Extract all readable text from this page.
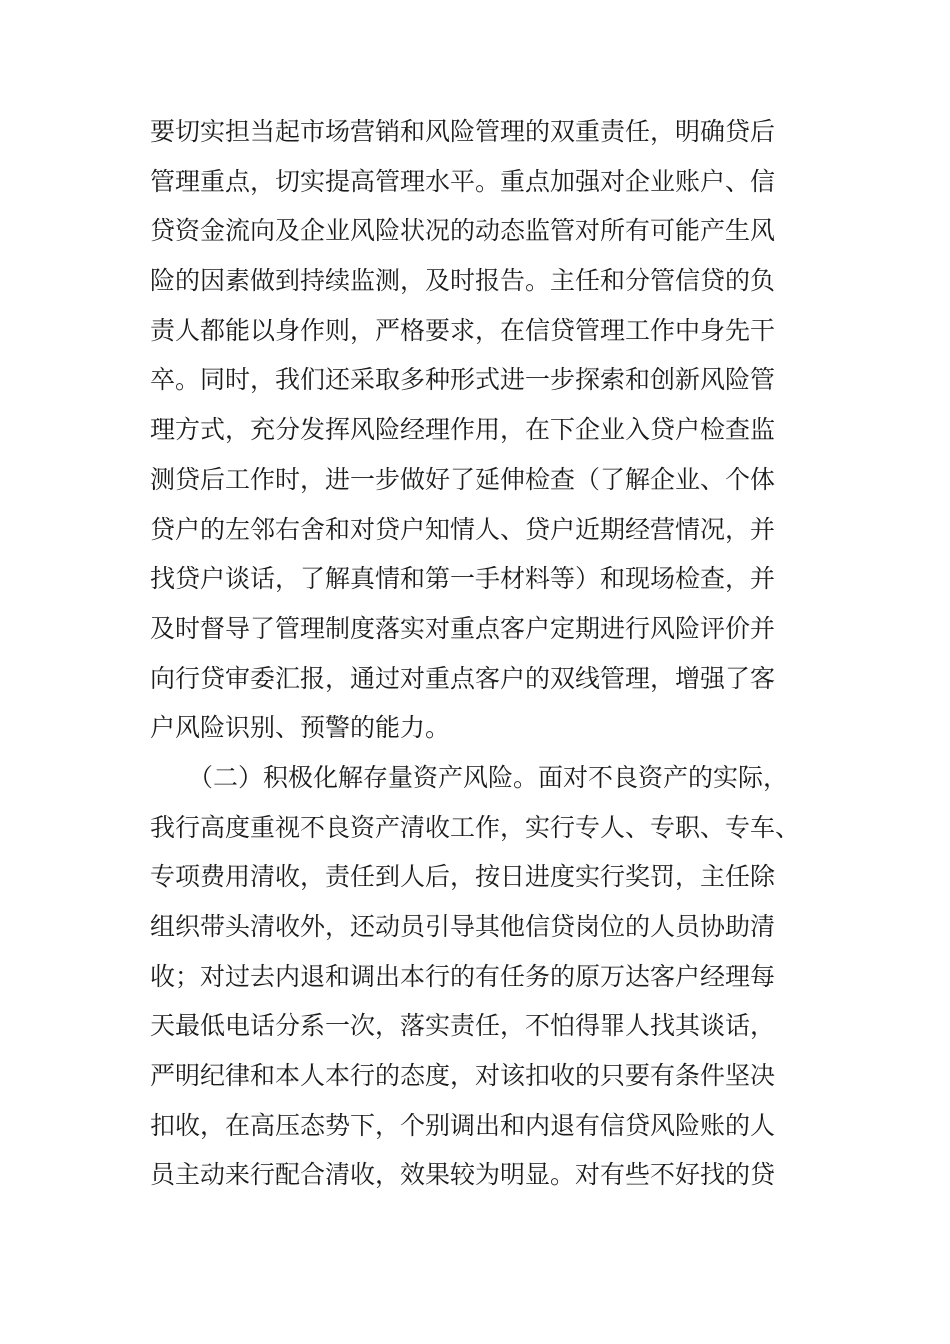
要切实担当起市场营销和风险管理的双重责任，明确贷后
管理重点，切实提高管理水平。重点加强对企业账户、信
贷资金流向及企业风险状况的动态监管对所有可能产生风
险的因素做到持续监测，及时报告。主任和分管信贷的负
责人都能以身作则，严格要求，在信贷管理工作中身先干
卒。同时，我们还采取多种形式进一步探索和创新风险管
理方式，充分发挥风险经理作用，在下企业入贷户检查监
测贷后工作时，进一步做好了延伸检查（了解企业、个体
贷户的左邻右舍和对贷户知情人、贷户近期经营情况，并
找贷户谈话，了解真情和第一手材料等）和现场检查，并
及时督导了管理制度落实对重点客户定期进行风险评价并
向行贷审委汇报，通过对重点客户的双线管理，增强了客
户风险识别、预警的能力。
（二）积极化解存量资产风险。面对不良资产的实际，
我行高度重视不良资产清收工作，实行专人、专职、专车、
专项费用清收，责任到人后，按日进度实行奖罚，主任除
组织带头清收外，还动员引导其他信贷岗位的人员协助清
收；对过去内退和调出本行的有任务的原万达客户经理每
天最低电话分系一次，落实责任，不怕得罪人找其谈话，
严明纪律和本人本行的态度，对该扣收的只要有条件坚决
扣收，在高压态势下，个别调出和内退有信贷风险账的人
员主动来行配合清收，效果较为明显。对有些不好找的贷
